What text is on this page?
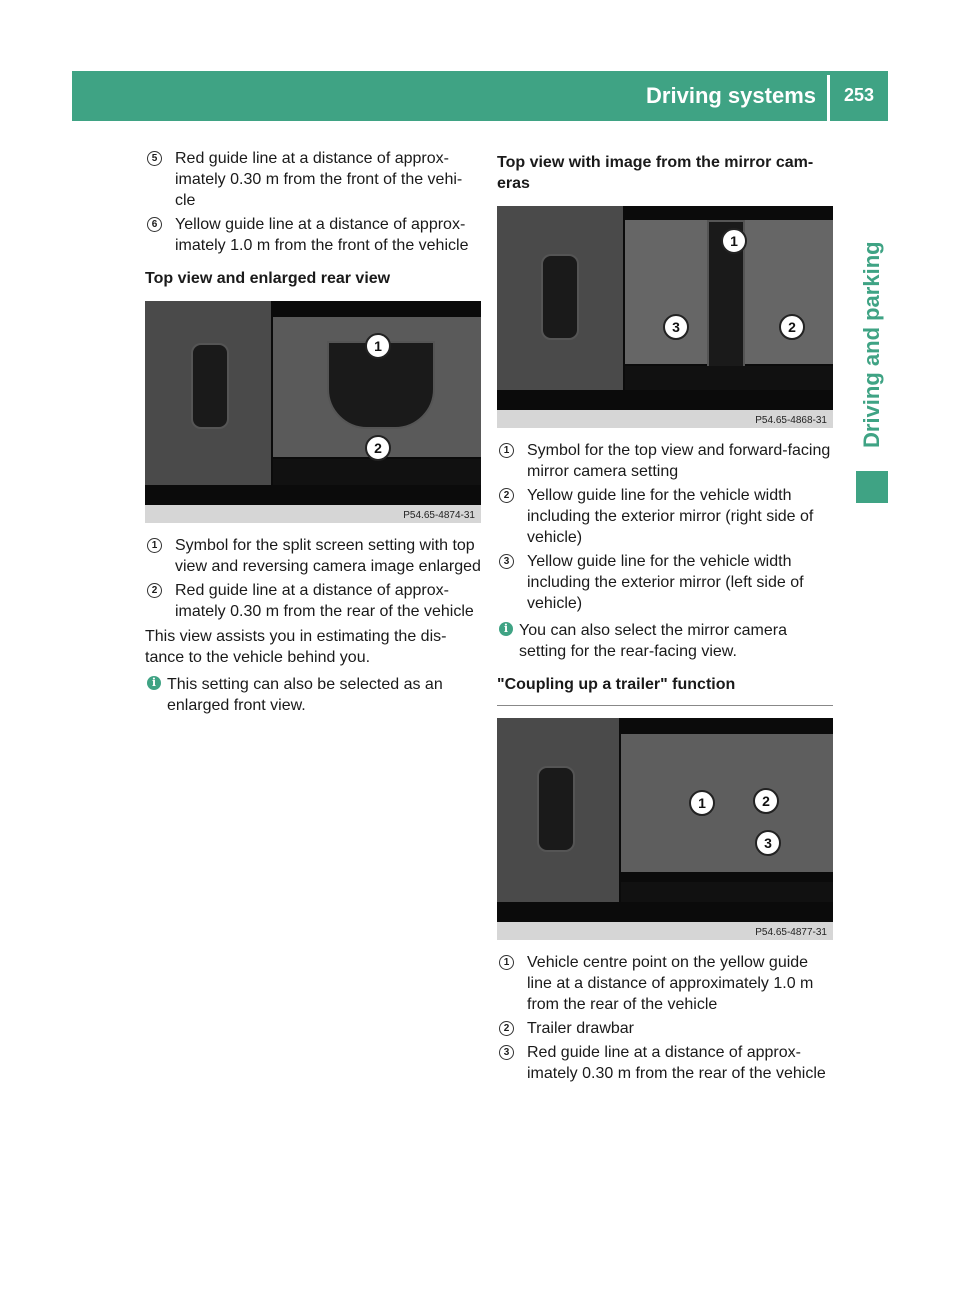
Driving systems	253
Driving and parking
5 Red guide line at a distance of approx-imately 0.30 m from the front of the vehi-cle
6 Yellow guide line at a distance of approx-imately 1.0 m from the front of the vehicle
Top view and enlarged rear view
1
2
P54.65-4874-31
1 Symbol for the split screen setting with top view and reversing camera image enlarged
2 Red guide line at a distance of approx-imately 0.30 m from the rear of the vehicle
This view assists you in estimating the dis-tance to the vehicle behind you.
i This setting can also be selected as an enlarged front view.
Top view with image from the mirror cam-eras
1
2
3
P54.65-4868-31
1 Symbol for the top view and forward-facing mirror camera setting
2 Yellow guide line for the vehicle width including the exterior mirror (right side of vehicle)
3 Yellow guide line for the vehicle width including the exterior mirror (left side of vehicle)
i You can also select the mirror camera setting for the rear-facing view.
"Coupling up a trailer" function
1	2
3
P54.65-4877-31
1 Vehicle centre point on the yellow guide line at a distance of approximately 1.0 m from the rear of the vehicle
2 Trailer drawbar
3 Red guide line at a distance of approx-imately 0.30 m from the rear of the vehicle
